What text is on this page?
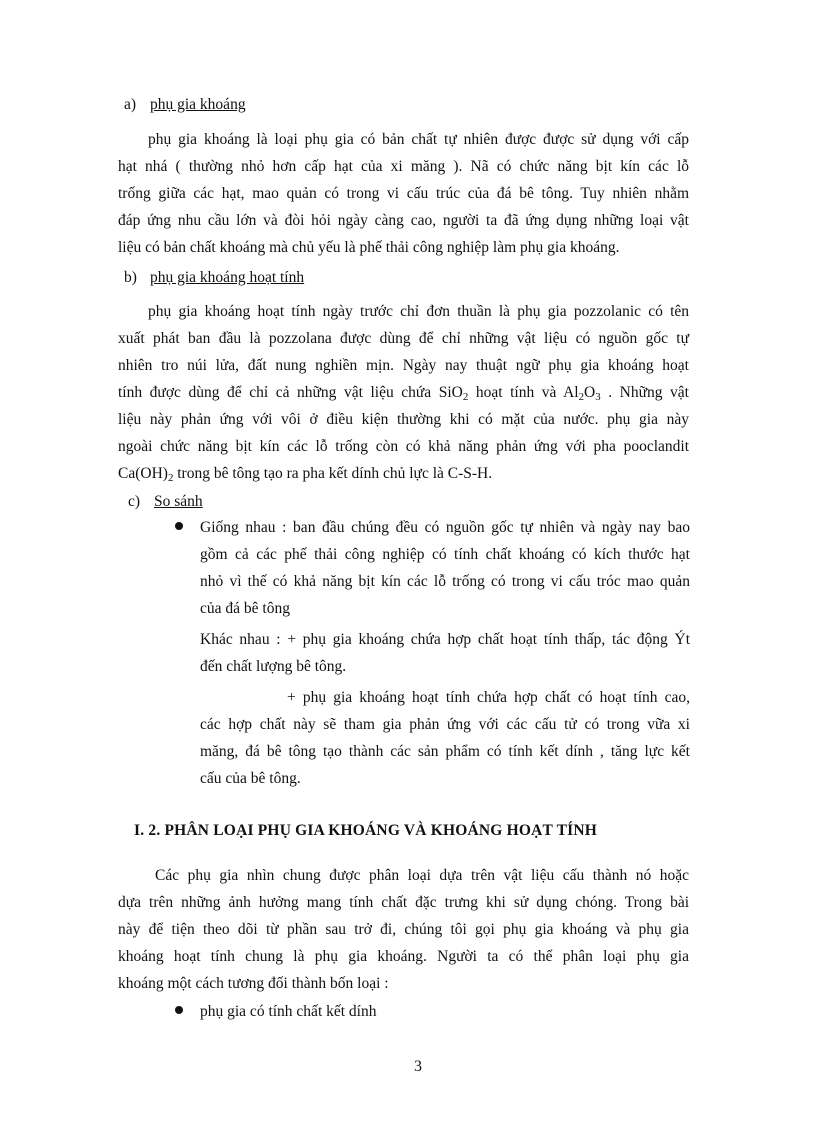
a) phụ gia khoáng
phụ gia khoáng là loại phụ gia có bản chất tự nhiên được được sử dụng với cấp
hạt nhá ( thường nhỏ hơn cấp hạt của xi măng ). Nã có chức năng bịt kín các lỗ
trống giữa các hạt, mao quản có trong vi cấu trúc của đá bê tông. Tuy nhiên nhằm
đáp ứng nhu cầu lớn và đòi hỏi ngày càng cao, người ta đã ứng dụng những loại vật
liệu có bản chất khoáng mà chủ yếu là phế thải công nghiệp làm phụ gia khoáng.
b) phụ gia khoáng hoạt tính
phụ gia khoáng hoạt tính ngày trước chỉ đơn thuần là phụ gia pozzolanic có tên
xuất phát ban đầu là pozzolana được dùng để chỉ những vật liệu có nguồn gốc tự
nhiên tro núi lửa, đất nung nghiền mịn. Ngày nay thuật ngữ phụ gia khoáng hoạt
tính được dùng để chỉ cả những vật liệu chứa SiO$_2$ hoạt tính và $Al_2O_3$ . Những vật
liệu này phản ứng với vôi ở điều kiện thường khi có mặt của nước. phụ gia này
ngoài chức năng bịt kín các lỗ trống còn có khả năng phản ứng với pha pooclandit
$Ca(OH)_2$ trong bê tông tạo ra pha kết dính chủ lực là C-S-H.
c) So sánh
Giống nhau : ban đầu chúng đều có nguồn gốc tự nhiên và ngày nay bao
gồm cả các phế thải công nghiệp có tính chất khoáng có kích thước hạt
nhỏ vì thế có khả năng bịt kín các lỗ trống có trong vi cấu tróc mao quản
của đá bê tông
Khác nhau : + phụ gia khoáng chứa hợp chất hoạt tính thấp, tác động Ýt
đến chất lượng bê tông.
+ phụ gia khoáng hoạt tính chứa hợp chất có hoạt tính cao,
các hợp chất này sẽ tham gia phản ứng với các cấu tử có trong vữa xi
măng, đá bê tông tạo thành các sản phẩm có tính kết dính , tăng lực kết
cấu của bê tông.
I. 2. PHÂN LOẠI PHỤ GIA KHOÁNG VÀ KHOÁNG HOẠT TÍNH
Các phụ gia nhìn chung được phân loại dựa trên vật liệu cấu thành nó hoặc
dựa trên những ảnh hưởng mang tính chất đặc trưng khi sử dụng chóng. Trong bài
này để tiện theo dõi từ phần sau trở đi, chúng tôi gọi phụ gia khoáng và phụ gia
khoáng hoạt tính chung là phụ gia khoáng. Người ta có thể phân loại phụ gia
khoáng một cách tương đối thành bốn loại :
phụ gia có tính chất kết dính
3
